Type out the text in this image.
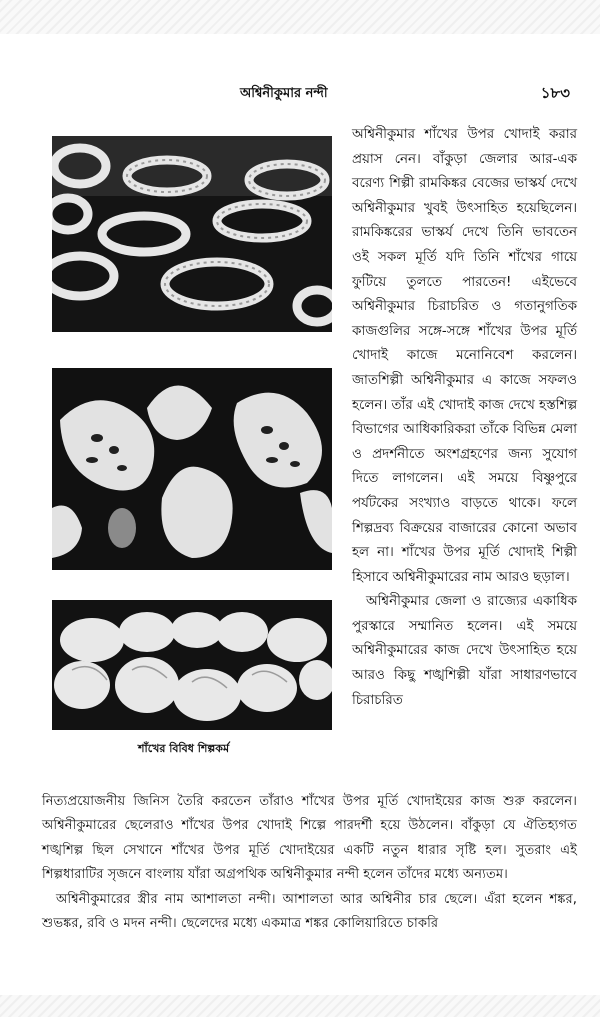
অশ্বিনীকুমার নন্দী	১৮৩
শাঁখের বিবিধ শিল্পকর্ম

অশ্বিনীকুমার শাঁখের উপর খোদাই করার প্রয়াস নেন। বাঁকুড়া জেলার আর-এক বরেণ্য শিল্পী রামকিঙ্কর বেজের ভাস্কর্য দেখে অশ্বিনীকুমার খুবই উৎসাহিত হয়েছিলেন। রামকিঙ্করের ভাস্কর্য দেখে তিনি ভাবতেন ওই সকল মূর্তি যদি তিনি শাঁখের গায়ে ফুটিয়ে তুলতে পারতেন! এইভেবে অশ্বিনীকুমার চিরাচরিত ও গতানুগতিক কাজগুলির সঙ্গে-সঙ্গে শাঁখের উপর মূর্তি খোদাই কাজে মনোনিবেশ করলেন। জাতশিল্পী অশ্বিনীকুমার এ কাজে সফলও হলেন। তাঁর এই খোদাই কাজ দেখে হস্তশিল্প বিভাগের আধিকারিকরা তাঁকে বিভিন্ন মেলা ও প্রদর্শনীতে অংশগ্রহণের জন্য সুযোগ দিতে লাগলেন। এই সময়ে বিষ্ণুপুরে পর্যটকের সংখ্যাও বাড়তে থাকে। ফলে শিল্পদ্রব্য বিক্রয়ের বাজারের কোনো অভাব হল না। শাঁখের উপর মূর্তি খোদাই শিল্পী হিসাবে অশ্বিনীকুমারের নাম আরও ছড়াল।

অশ্বিনীকুমার জেলা ও রাজ্যের একাধিক পুরস্কারে সম্মানিত হলেন। এই সময়ে অশ্বিনীকুমারের কাজ দেখে উৎসাহিত হয়ে আরও কিছু শঙ্খশিল্পী যাঁরা সাধারণভাবে চিরাচরিত

নিত্যপ্রয়োজনীয় জিনিস তৈরি করতেন তাঁরাও শাঁখের উপর মূর্তি খোদাইয়ের কাজ শুরু করলেন। অশ্বিনীকুমারের ছেলেরাও শাঁখের উপর খোদাই শিল্পে পারদর্শী হয়ে উঠলেন। বাঁকুড়া যে ঐতিহ্যগত শঙ্খশিল্প ছিল সেখানে শাঁখের উপর মূর্তি খোদাইয়ের একটি নতুন ধারার সৃষ্টি হল। সুতরাং এই শিল্পধারাটির সৃজনে বাংলায় যাঁরা অগ্রপথিক অশ্বিনীকুমার নন্দী হলেন তাঁদের মধ্যে অন্যতম।

অশ্বিনীকুমারের স্ত্রীর নাম আশালতা নন্দী। আশালতা আর অশ্বিনীর চার ছেলে। এঁরা হলেন শঙ্কর, শুভঙ্কর, রবি ও মদন নন্দী। ছেলেদের মধ্যে একমাত্র শঙ্কর কোলিয়ারিতে চাকরি
